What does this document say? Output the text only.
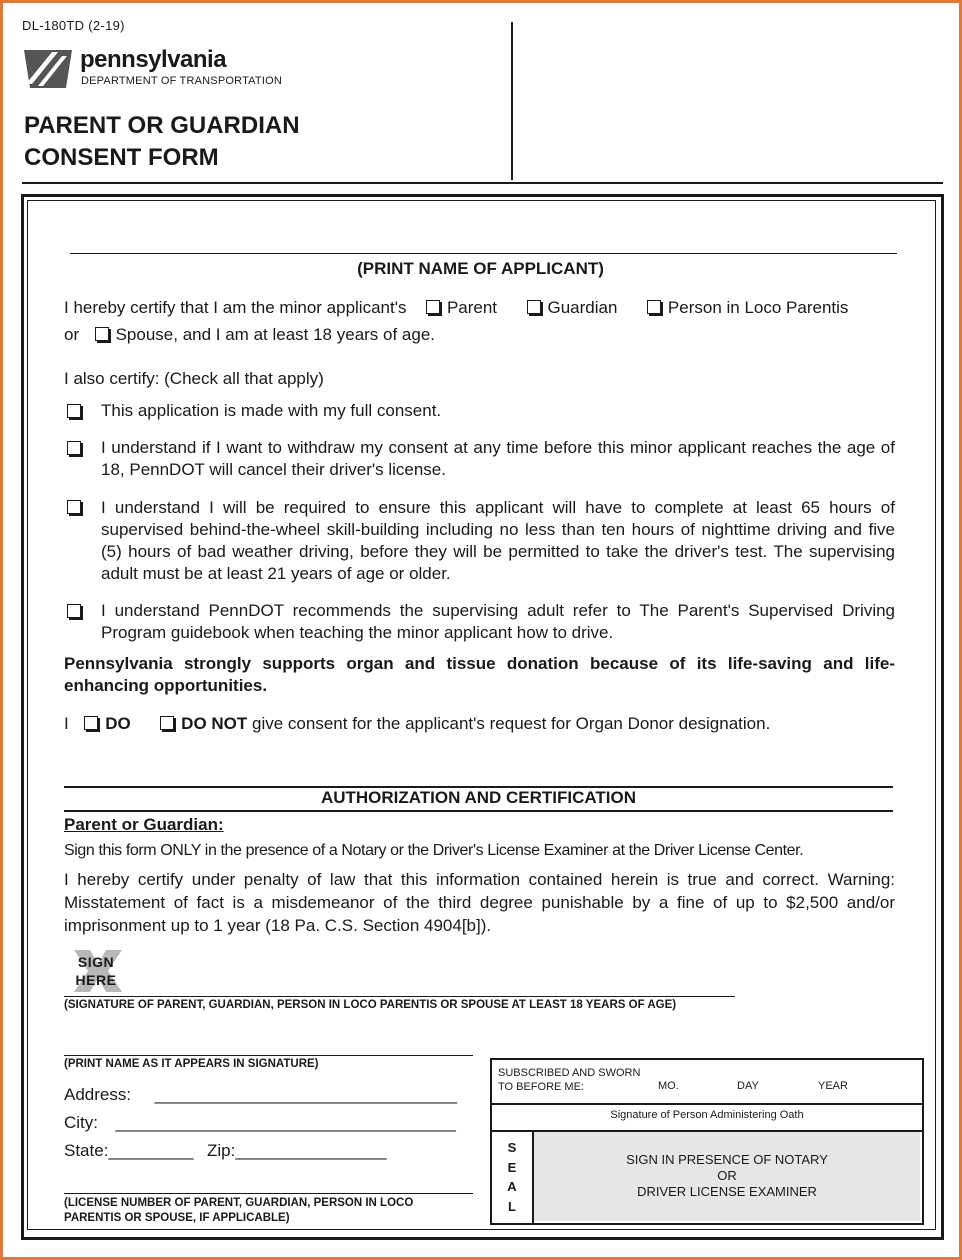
DL-180TD (2-19)
pennsylvania
DEPARTMENT OF TRANSPORTATION
PARENT OR GUARDIAN
CONSENT FORM
(PRINT NAME OF APPLICANT)
I hereby certify that I am the minor applicant's Parent	Guardian	Person in Loco Parentis
or Spouse, and I am at least 18 years of age.
I also certify: (Check all that apply)
This application is made with my full consent.
I understand if I want to withdraw my consent at any time before this minor applicant reaches the age of 18, PennDOT will cancel their driver's license.
I understand I will be required to ensure this applicant will have to complete at least 65 hours of supervised behind-the-wheel skill-building including no less than ten hours of nighttime driving and five (5) hours of bad weather driving, before they will be permitted to take the driver's test. The supervising adult must be at least 21 years of age or older.
I understand PennDOT recommends the supervising adult refer to The Parent's Supervised Driving Program guidebook when teaching the minor applicant how to drive.
Pennsylvania strongly supports organ and tissue donation because of its life-saving and life-enhancing opportunities.
I DO	DO NOT give consent for the applicant's request for Organ Donor designation.
AUTHORIZATION AND CERTIFICATION
Parent or Guardian:
Sign this form ONLY in the presence of a Notary or the Driver's License Examiner at the Driver License Center.
I hereby certify under penalty of law that this information contained herein is true and correct. Warning: Misstatement of fact is a misdemeanor of the third degree punishable by a fine of up to $2,500 and/or imprisonment up to 1 year (18 Pa. C.S. Section 4904[b]).
SIGN
HERE
(SIGNATURE OF PARENT, GUARDIAN, PERSON IN LOCO PARENTIS OR SPOUSE AT LEAST 18 YEARS OF AGE)
(PRINT NAME AS IT APPEARS IN SIGNATURE)
Address: ________________________________
City: ____________________________________
State:_________ Zip:________________
(LICENSE NUMBER OF PARENT, GUARDIAN, PERSON IN LOCO
PARENTIS OR SPOUSE, IF APPLICABLE)
SUBSCRIBED AND SWORN
TO BEFORE ME:	MO.	DAY	YEAR
Signature of Person Administering Oath
S
E
A
L
SIGN IN PRESENCE OF NOTARY
OR
DRIVER LICENSE EXAMINER
